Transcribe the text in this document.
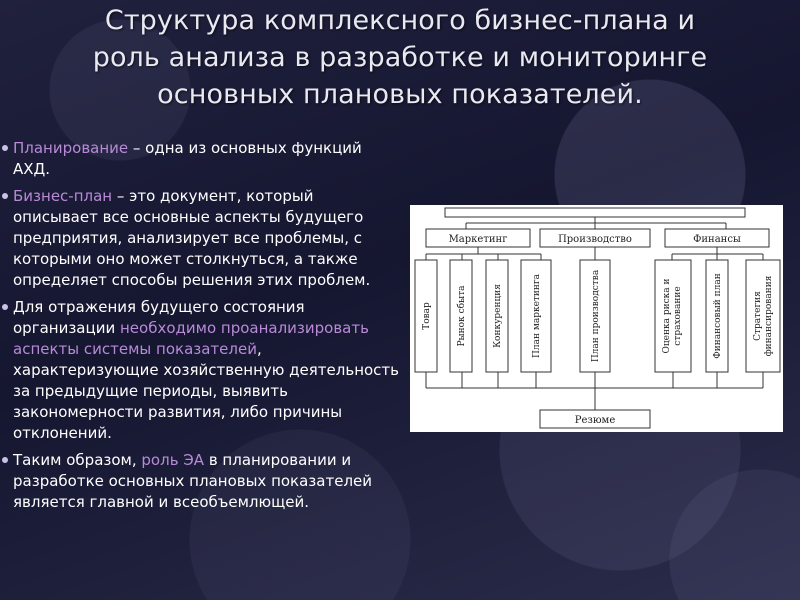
Структура комплексного бизнес-плана и
роль анализа в разработке и мониторинге
основных плановых показателей.
Планирование – одна из основных функций АХД.
Бизнес-план – это документ, который описывает все основные аспекты будущего предприятия, анализирует все проблемы, с которыми оно может столкнуться, а также определяет способы решения этих проблем.
Для отражения будущего состояния организации необходимо проанализировать аспекты системы показателей, характеризующие хозяйственную деятельность за предыдущие периоды, выявить закономерности развития, либо причины отклонений.
Таким образом, роль ЭА в планировании и разработке основных плановых показателей является главной и всеобъемлющей.
Маркетинг	Производство	Финансы
Товар	Рынок сбыта	Конкуренция	План маркетинга	План производства	Оценка риска и страхование	Финансовый план	Стратегия финансирования
Резюме
